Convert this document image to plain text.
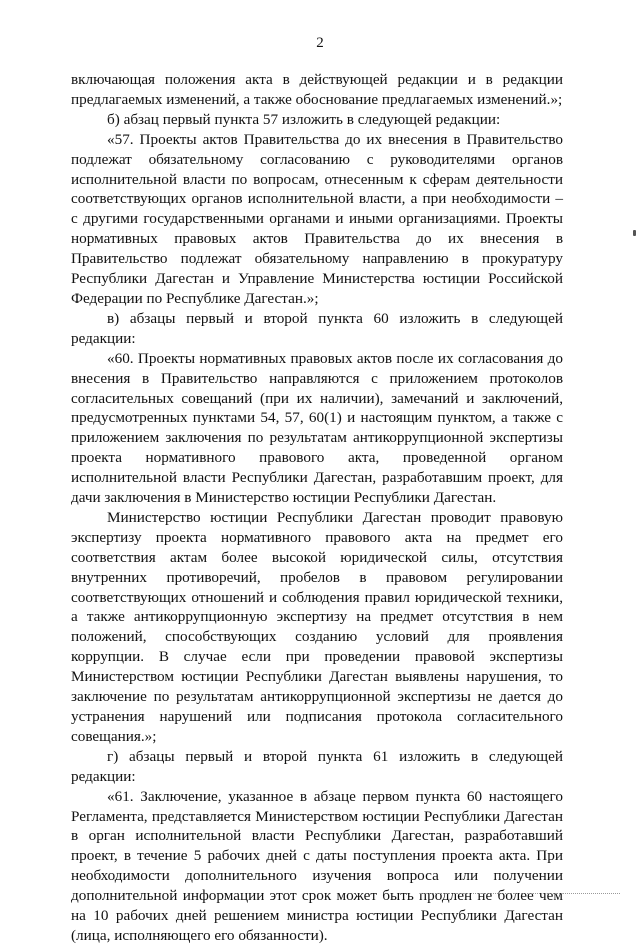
2

включающая положения акта в действующей редакции и в редакции предлагаемых изменений, а также обоснование предлагаемых изменений.»;

б) абзац первый пункта 57 изложить в следующей редакции:

«57. Проекты актов Правительства до их внесения в Правительство подлежат обязательному согласованию с руководителями органов исполнительной власти по вопросам, отнесенным к сферам деятельности соответствующих органов исполнительной власти, а при необходимости – с другими государственными органами и иными организациями. Проекты нормативных правовых актов Правительства до их внесения в Правительство подлежат обязательному направлению в прокуратуру Республики Дагестан и Управление Министерства юстиции Российской Федерации по Республике Дагестан.»;

в) абзацы первый и второй пункта 60 изложить в следующей редакции:

«60. Проекты нормативных правовых актов после их согласования до внесения в Правительство направляются с приложением протоколов согласительных совещаний (при их наличии), замечаний и заключений, предусмотренных пунктами 54, 57, 60(1) и настоящим пунктом, а также с приложением заключения по результатам антикоррупционной экспертизы проекта нормативного правового акта, проведенной органом исполнительной власти Республики Дагестан, разработавшим проект, для дачи заключения в Министерство юстиции Республики Дагестан.

Министерство юстиции Республики Дагестан проводит правовую экспертизу проекта нормативного правового акта на предмет его соответствия актам более высокой юридической силы, отсутствия внутренних противоречий, пробелов в правовом регулировании соответствующих отношений и соблюдения правил юридической техники, а также антикоррупционную экспертизу на предмет отсутствия в нем положений, способствующих созданию условий для проявления коррупции. В случае если при проведении правовой экспертизы Министерством юстиции Республики Дагестан выявлены нарушения, то заключение по результатам антикоррупционной экспертизы не дается до устранения нарушений или подписания протокола согласительного совещания.»;

г) абзацы первый и второй пункта 61 изложить в следующей редакции:

«61. Заключение, указанное в абзаце первом пункта 60 настоящего Регламента, представляется Министерством юстиции Республики Дагестан в орган исполнительной власти Республики Дагестан, разработавший проект, в течение 5 рабочих дней с даты поступления проекта акта. При необходимости дополнительного изучения вопроса или получении дополнительной информации этот срок может быть продлен не более чем на 10 рабочих дней решением министра юстиции Республики Дагестан (лица, исполняющего его обязанности).
